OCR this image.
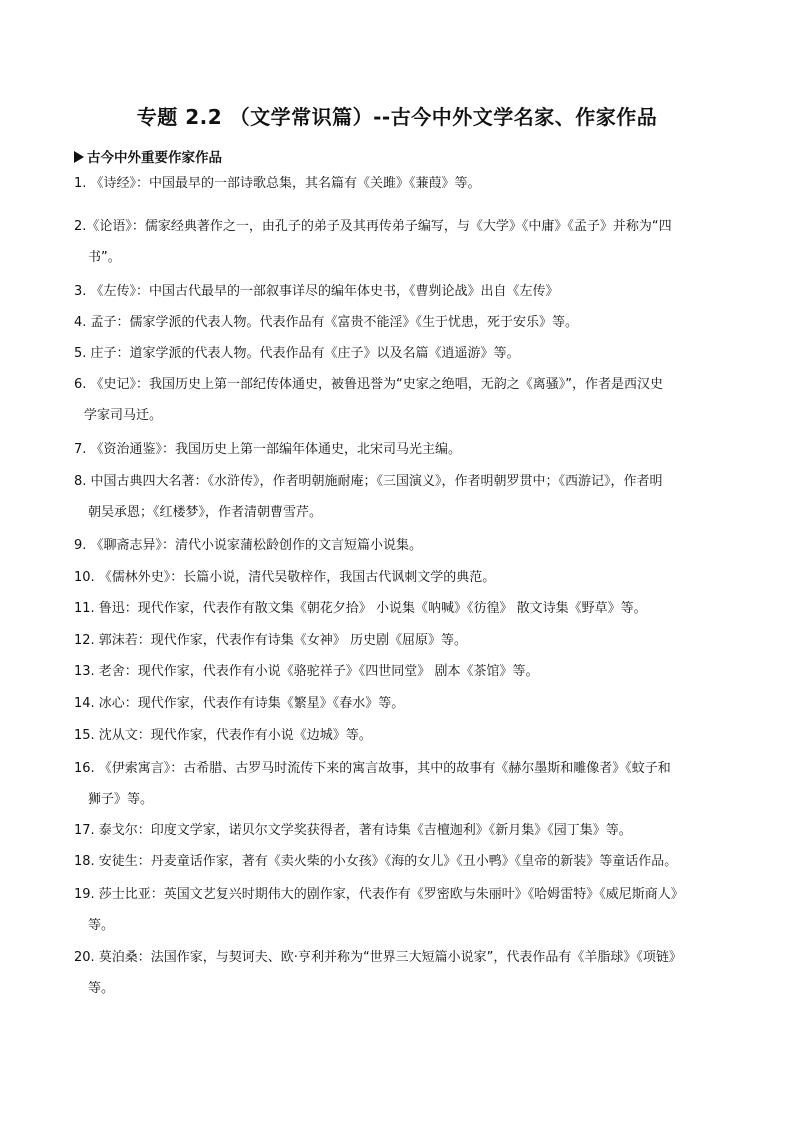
专题 2.2 （文学常识篇）--古今中外文学名家、作家作品
古今中外重要作家作品
1. 《诗经》：中国最早的一部诗歌总集，其名篇有《关雎》《蒹葭》等。
2.《论语》：儒家经典著作之一，由孔子的弟子及其再传弟子编写，与《大学》《中庸》《孟子》并称为“四
书”。
3. 《左传》：中国古代最早的一部叙事详尽的编年体史书，《曹刿论战》出自《左传》
4. 孟子：儒家学派的代表人物。代表作品有《富贵不能淫》《生于忧患，死于安乐》等。
5. 庄子：道家学派的代表人物。代表作品有《庄子》以及名篇《逍遥游》等。
6. 《史记》：我国历史上第一部纪传体通史，被鲁迅誉为“史家之绝唱，无韵之《离骚》”，作者是西汉史
学家司马迁。
7. 《资治通鉴》：我国历史上第一部编年体通史，北宋司马光主编。
8. 中国古典四大名著：《水浒传》，作者明朝施耐庵；《三国演义》，作者明朝罗贯中；《西游记》，作者明
朝吴承恩；《红楼梦》，作者清朝曹雪芹。
9. 《聊斋志异》：清代小说家蒲松龄创作的文言短篇小说集。
10. 《儒林外史》：长篇小说，清代吴敬梓作，我国古代讽刺文学的典范。
11. 鲁迅：现代作家，代表作有散文集《朝花夕拾》 小说集《呐喊》《彷徨》 散文诗集《野草》等。
12. 郭沫若：现代作家，代表作有诗集《女神》 历史剧《屈原》等。
13. 老舍：现代作家，代表作有小说《骆驼祥子》《四世同堂》 剧本《茶馆》等。
14. 冰心：现代作家，代表作有诗集《繁星》《春水》等。
15. 沈从文：现代作家，代表作有小说《边城》等。
16. 《伊索寓言》：古希腊、古罗马时流传下来的寓言故事，其中的故事有《赫尔墨斯和雕像者》《蚊子和
狮子》等。
17. 泰戈尔：印度文学家，诺贝尔文学奖获得者，著有诗集《吉檀迦利》《新月集》《园丁集》等。
18. 安徒生：丹麦童话作家，著有《卖火柴的小女孩》《海的女儿》《丑小鸭》《皇帝的新装》等童话作品。
19. 莎士比亚：英国文艺复兴时期伟大的剧作家，代表作有《罗密欧与朱丽叶》《哈姆雷特》《威尼斯商人》
等。
20. 莫泊桑：法国作家，与契诃夫、欧·亨利并称为“世界三大短篇小说家”，代表作品有《羊脂球》《项链》
等。
